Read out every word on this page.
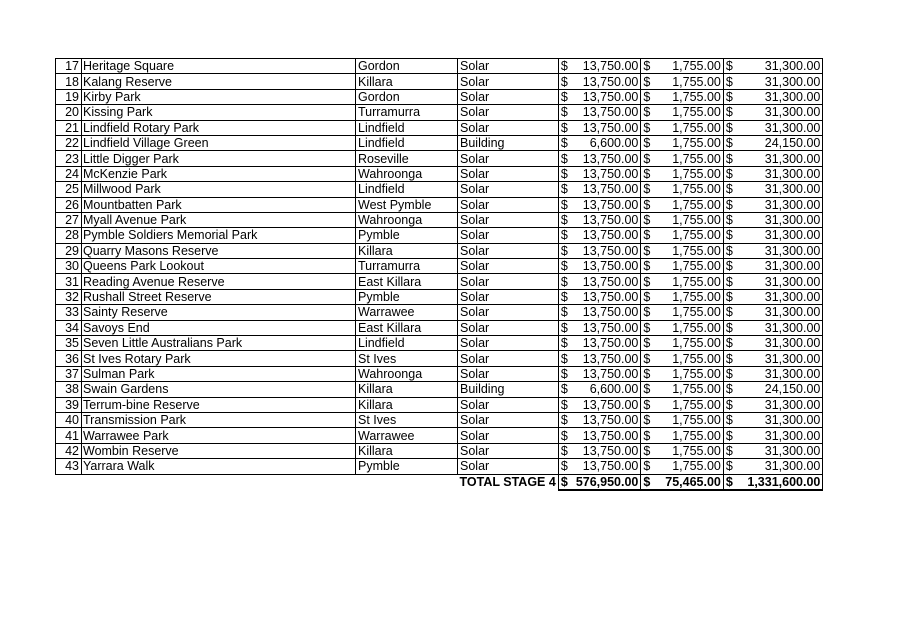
17	Heritage Square	Gordon	Solar	$	13,750.00	$	1,755.00	$	31,300.00
18	Kalang Reserve	Killara	Solar	$	13,750.00	$	1,755.00	$	31,300.00
19	Kirby Park	Gordon	Solar	$	13,750.00	$	1,755.00	$	31,300.00
20	Kissing Park	Turramurra	Solar	$	13,750.00	$	1,755.00	$	31,300.00
21	Lindfield Rotary Park	Lindfield	Solar	$	13,750.00	$	1,755.00	$	31,300.00
22	Lindfield Village Green	Lindfield	Building	$	6,600.00	$	1,755.00	$	24,150.00
23	Little Digger Park	Roseville	Solar	$	13,750.00	$	1,755.00	$	31,300.00
24	McKenzie Park	Wahroonga	Solar	$	13,750.00	$	1,755.00	$	31,300.00
25	Millwood Park	Lindfield	Solar	$	13,750.00	$	1,755.00	$	31,300.00
26	Mountbatten Park	West Pymble	Solar	$	13,750.00	$	1,755.00	$	31,300.00
27	Myall Avenue Park	Wahroonga	Solar	$	13,750.00	$	1,755.00	$	31,300.00
28	Pymble Soldiers Memorial Park	Pymble	Solar	$	13,750.00	$	1,755.00	$	31,300.00
29	Quarry Masons Reserve	Killara	Solar	$	13,750.00	$	1,755.00	$	31,300.00
30	Queens Park Lookout	Turramurra	Solar	$	13,750.00	$	1,755.00	$	31,300.00
31	Reading Avenue Reserve	East Killara	Solar	$	13,750.00	$	1,755.00	$	31,300.00
32	Rushall Street Reserve	Pymble	Solar	$	13,750.00	$	1,755.00	$	31,300.00
33	Sainty Reserve	Warrawee	Solar	$	13,750.00	$	1,755.00	$	31,300.00
34	Savoys End	East Killara	Solar	$	13,750.00	$	1,755.00	$	31,300.00
35	Seven Little Australians Park	Lindfield	Solar	$	13,750.00	$	1,755.00	$	31,300.00
36	St Ives Rotary Park	St Ives	Solar	$	13,750.00	$	1,755.00	$	31,300.00
37	Sulman Park	Wahroonga	Solar	$	13,750.00	$	1,755.00	$	31,300.00
38	Swain Gardens	Killara	Building	$	6,600.00	$	1,755.00	$	24,150.00
39	Terrum-bine Reserve	Killara	Solar	$	13,750.00	$	1,755.00	$	31,300.00
40	Transmission Park	St Ives	Solar	$	13,750.00	$	1,755.00	$	31,300.00
41	Warrawee Park	Warrawee	Solar	$	13,750.00	$	1,755.00	$	31,300.00
42	Wombin Reserve	Killara	Solar	$	13,750.00	$	1,755.00	$	31,300.00
43	Yarrara Walk	Pymble	Solar	$	13,750.00	$	1,755.00	$	31,300.00
			TOTAL STAGE 4	$	576,950.00	$	75,465.00	$	1,331,600.00
